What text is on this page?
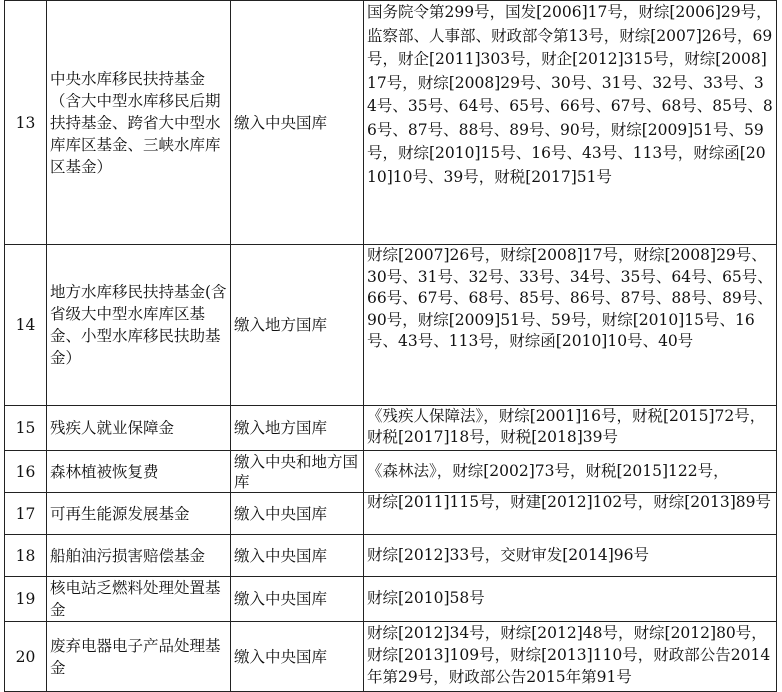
13	中央水库移民扶持基金（含大中型水库移民后期扶持基金、跨省大中型水库库区基金、三峡水库库区基金）	缴入中央国库	国务院令第299号，国发[2006]17号，财综[2006]29号，监察部、人事部、财政部令第13号，财综[2007]26号，69号，财企[2011]303号，财企[2012]315号，财综[2008]17号，财综[2008]29号、30号、31号、32号、33号、34号、35号、64号、65号、66号、67号、68号、85号、86号、87号、88号、89号、90号，财综[2009]51号、59号，财综[2010]15号、16号、43号、113号，财综函[2010]10号、39号，财税[2017]51号
14	地方水库移民扶持基金(含省级大中型水库库区基金、小型水库移民扶助基金）	缴入地方国库	财综[2007]26号，财综[2008]17号，财综[2008]29号、30号、31号、32号、33号、34号、35号、64号、65号、66号、67号、68号、85号、86号、87号、88号、89号、90号，财综[2009]51号、59号，财综[2010]15号、16号、43号、113号，财综函[2010]10号、40号
15	残疾人就业保障金	缴入地方国库	《残疾人保障法》，财综[2001]16号，财税[2015]72号，财税[2017]18号，财税[2018]39号
16	森林植被恢复费	缴入中央和地方国库	《森林法》，财综[2002]73号，财税[2015]122号，
17	可再生能源发展基金	缴入中央国库	财综[2011]115号，财建[2012]102号，财综[2013]89号
18	船舶油污损害赔偿基金	缴入中央国库	财综[2012]33号，交财审发[2014]96号
19	核电站乏燃料处理处置基金	缴入中央国库	财综[2010]58号
20	废弃电器电子产品处理基金	缴入中央国库	财综[2012]34号，财综[2012]48号，财综[2012]80号，财综[2013]109号，财综[2013]110号，财政部公告2014年第29号，财政部公告2015年第91号
